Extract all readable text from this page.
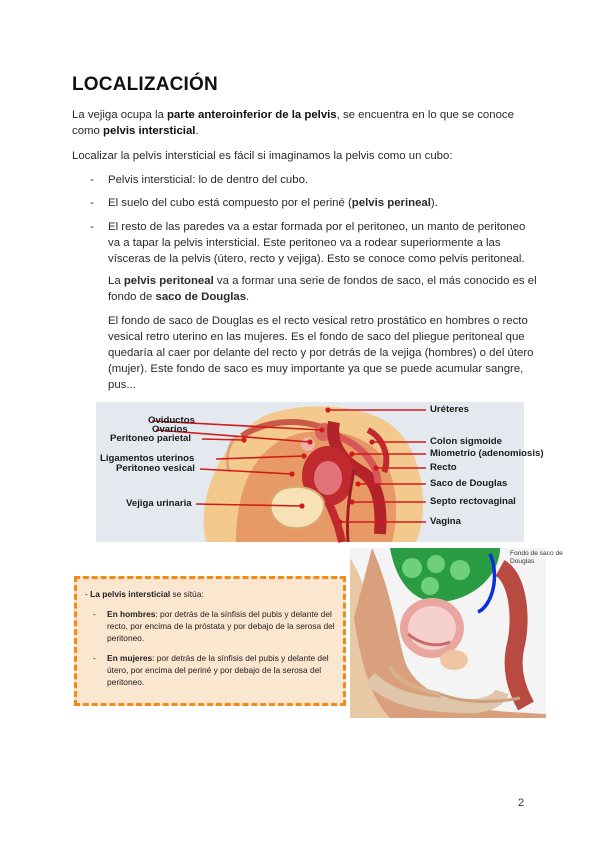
LOCALIZACIÓN
La vejiga ocupa la parte anteroinferior de la pelvis, se encuentra en lo que se conoce como pelvis intersticial.
Localizar la pelvis intersticial es fácil si imaginamos la pelvis como un cubo:
- Pelvis intersticial: lo de dentro del cubo.
- El suelo del cubo está compuesto por el periné (pelvis perineal).
- El resto de las paredes va a estar formada por el peritoneo, un manto de peritoneo va a tapar la pelvis intersticial. Este peritoneo va a rodear superiormente a las vísceras de la pelvis (útero, recto y vejiga). Esto se conoce como pelvis peritoneal.
La pelvis peritoneal va a formar una serie de fondos de saco, el más conocido es el fondo de saco de Douglas.
El fondo de saco de Douglas es el recto vesical retro prostático en hombres o recto vesical retro uterino en las mujeres. Es el fondo de saco del pliegue peritoneal que quedaría al caer por delante del recto y por detrás de la vejiga (hombres) o del útero (mujer). Este fondo de saco es muy importante ya que se puede acumular sangre, pus...
Oviductos
Ovarios
Peritoneo parietal
Ligamentos uterinos
Peritoneo vesical
Vejiga urinaria
Uréteres
Colon sigmoide
Miometrio (adenomiosis)
Recto
Saco de Douglas
Septo rectovaginal
Vagina
Fondo de saco de Douglas
- La pelvis intersticial se sitúa:
- En hombres: por detrás de la sínfisis del pubis y delante del recto, por encima de la próstata y por debajo de la serosa del peritoneo.
- En mujeres: por detrás de la sínfisis del pubis y delante del útero, por encima del periné y por debajo de la serosa del peritoneo.
2
